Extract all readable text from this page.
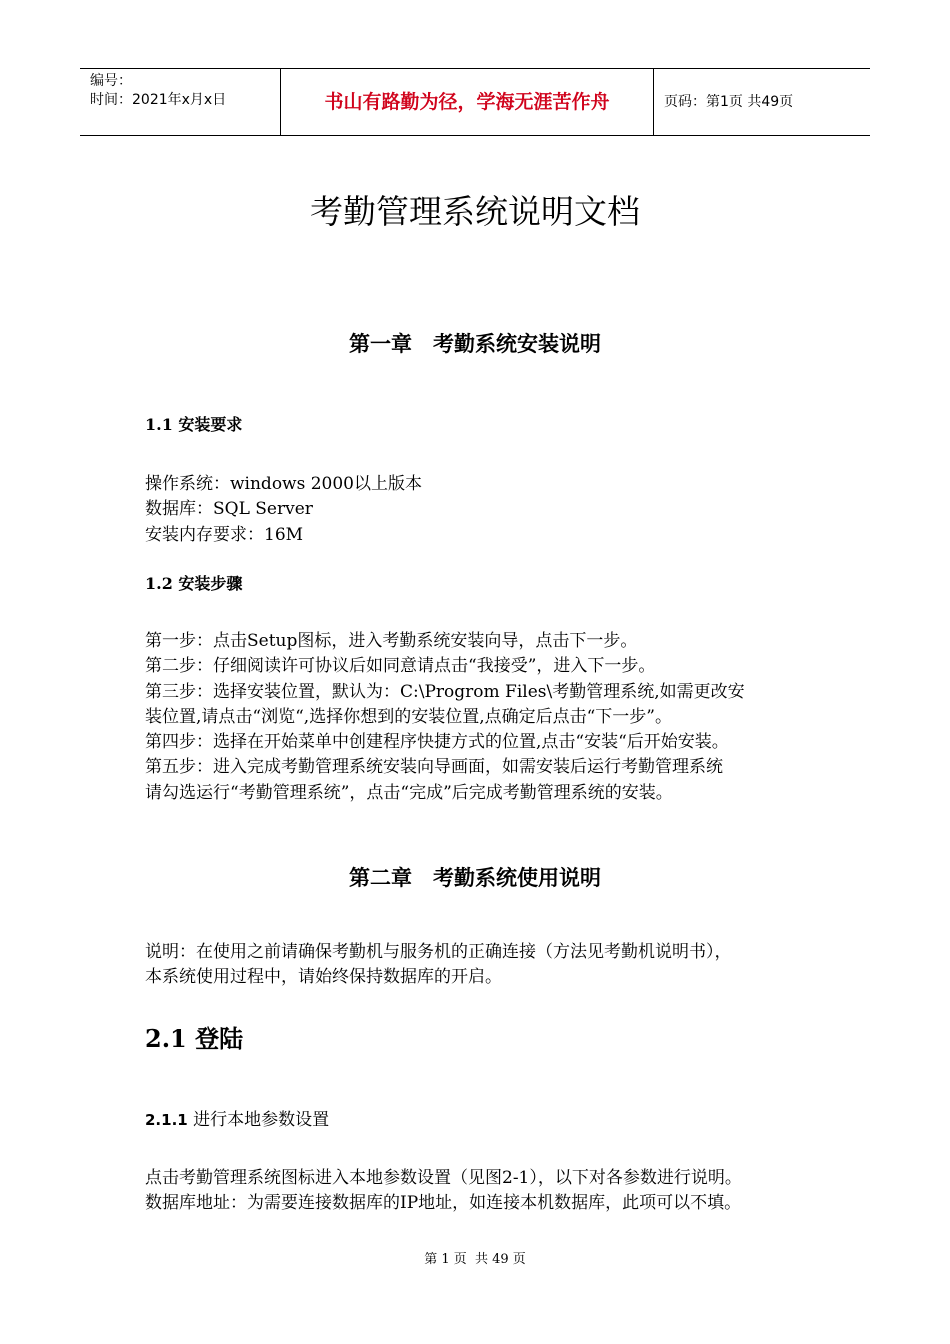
编号：
时间：2021年x月x日	书山有路勤为径，学海无涯苦作舟	页码：第1页 共49页
考勤管理系统说明文档
第一章　考勤系统安装说明
1.1 安装要求
操作系统：windows 2000以上版本
数据库：SQL Server
安装内存要求：16M
1.2 安装步骤
第一步：点击Setup图标，进入考勤系统安装向导，点击下一步。
第二步：仔细阅读许可协议后如同意请点击“我接受”，进入下一步。
第三步：选择安装位置，默认为：C:\Progrom Files\考勤管理系统,如需更改安
装位置,请点击“浏览“,选择你想到的安装位置,点确定后点击“下一步”。
第四步：选择在开始菜单中创建程序快捷方式的位置,点击“安装“后开始安装。
第五步：进入完成考勤管理系统安装向导画面，如需安装后运行考勤管理系统
请勾选运行“考勤管理系统”，点击“完成”后完成考勤管理系统的安装。
第二章　考勤系统使用说明
说明：在使用之前请确保考勤机与服务机的正确连接（方法见考勤机说明书），
本系统使用过程中，请始终保持数据库的开启。
2.1 登陆
2.1.1 进行本地参数设置
点击考勤管理系统图标进入本地参数设置（见图2-1），以下对各参数进行说明。
数据库地址：为需要连接数据库的IP地址，如连接本机数据库，此项可以不填。
第 1 页  共 49 页
